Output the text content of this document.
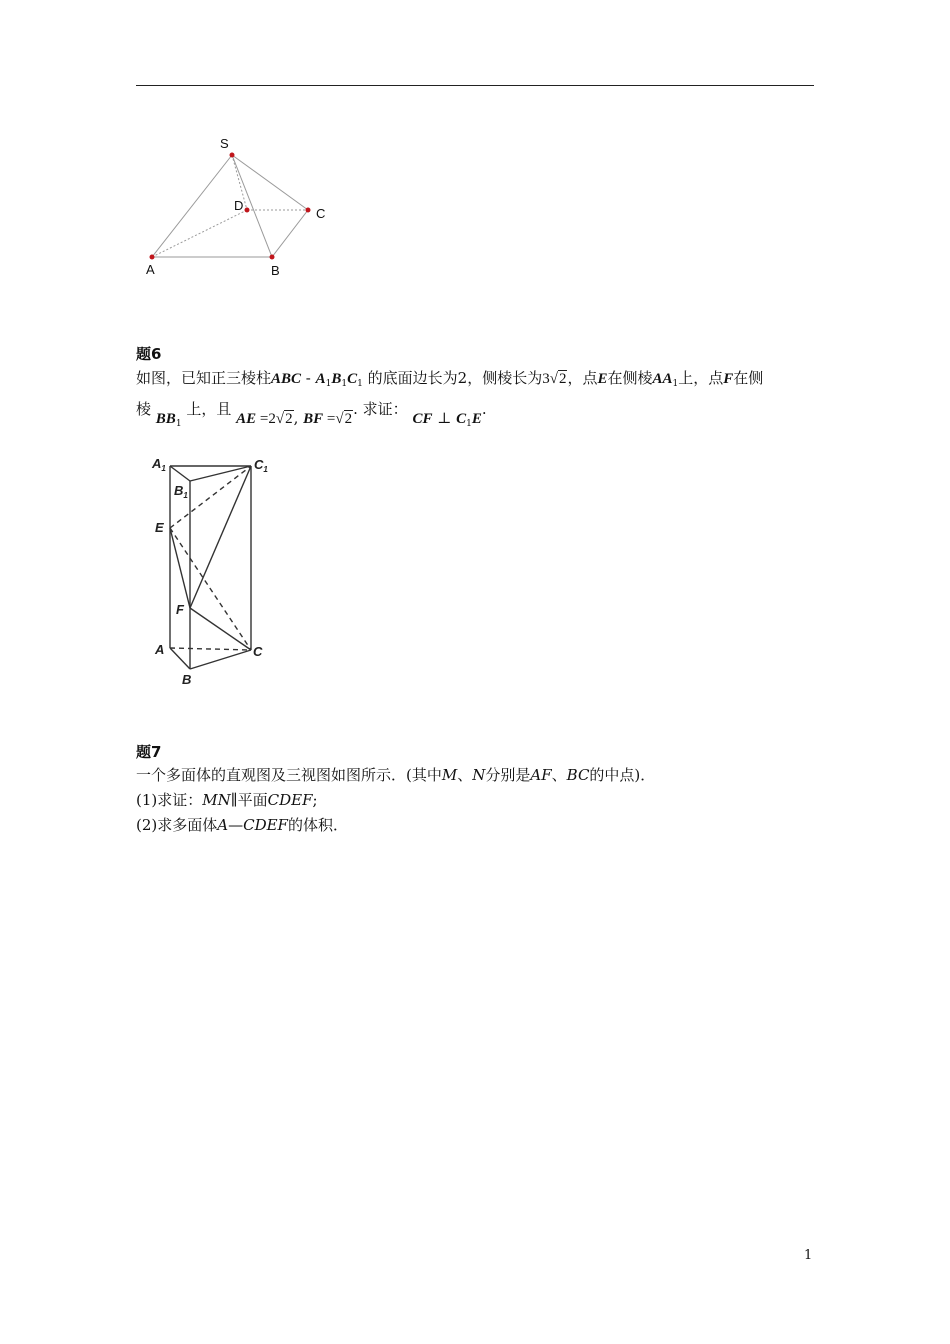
S
D
C
A	B
题6
如图，已知正三棱柱ABC - $A_1B_1C_1$ 的底面边长为2，侧棱长为3√2，点E在侧棱$AA_1$上，点F在侧
棱 $BB_1$ 上，且 AE =2√2, BF =√2. 求证： CF ⊥ $C_1E$.
$A_1$	$C_1$
$B_1$
E
F
A	C
B
题7
一个多面体的直观图及三视图如图所示．(其中M、N分别是AF、BC的中点)．
(1)求证：MN∥平面CDEF;
(2)求多面体A—CDEF的体积．
1
